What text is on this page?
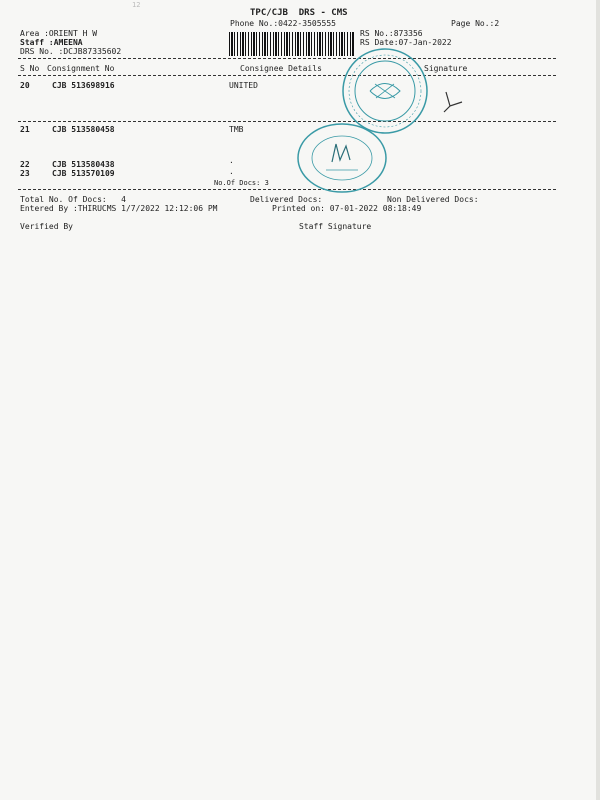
12
TPC/CJB  DRS - CMS
Phone No.:0422-3505555	Page No.:2
Area :ORIENT H W
Staff :AMEENA
DRS No. :DCJB87335602
RS No.:873356
RS Date:07-Jan-2022
S No Consignment No	Consignee Details	Signature
20	CJB 513698916	UNITED
21	CJB 513580458	TMB
22	CJB 513580438	.
23	CJB 513570109	.
No.Of Docs: 3
Total No. Of Docs:   4	Delivered Docs:	Non Delivered Docs:
Entered By :THIRUCMS 1/7/2022 12:12:06 PM	Printed on: 07-01-2022 08:18:49
Verified By	Staff Signature
